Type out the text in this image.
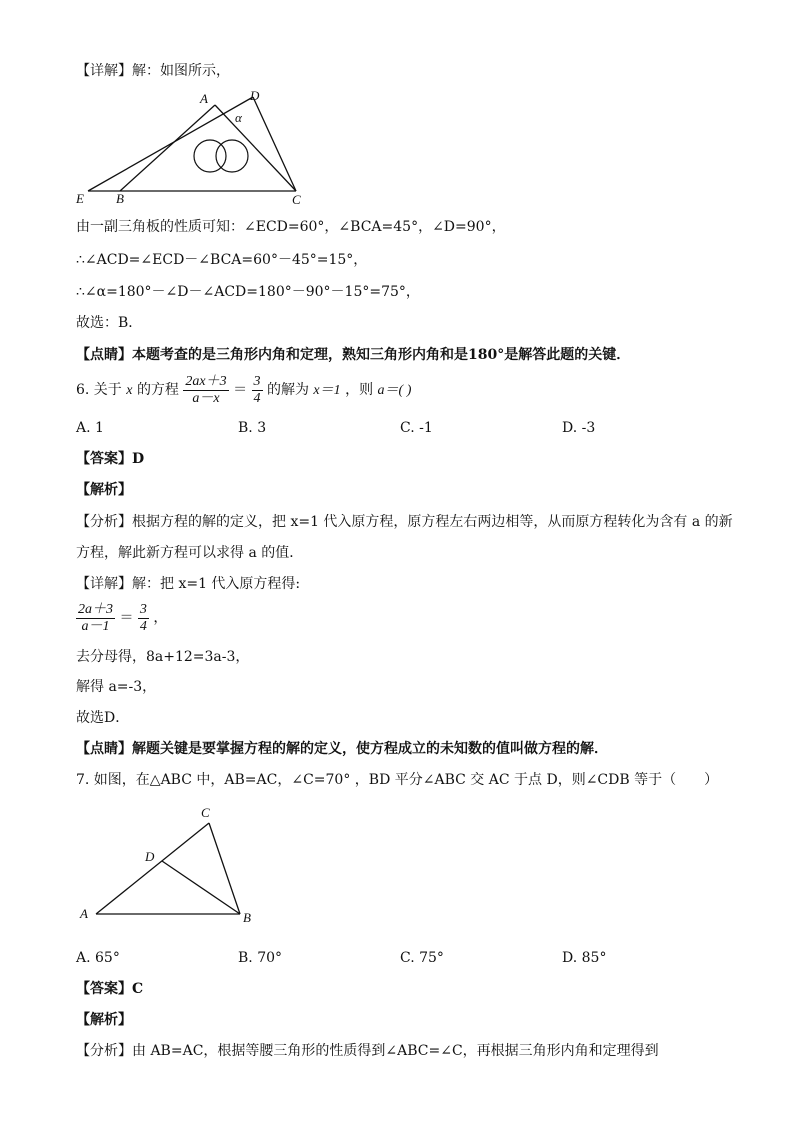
【详解】解：如图所示，
A	D
α
E B	C
由一副三角板的性质可知：∠ECD=60°，∠BCA=45°，∠D=90°，
∴∠ACD=∠ECD－∠BCA=60°－45°=15°，
∴∠α=180°－∠D－∠ACD=180°－90°－15°=75°，
故选：B．
【点睛】本题考查的是三角形内角和定理，熟知三角形内角和是180°是解答此题的关键．
6. 关于 x 的方程 $\frac{2ax+3}{a-x} = \frac{3}{4}$ 的解为 x＝1 ，则 a＝( )
A. 1	B. 3	C. -1	D. -3
【答案】D
【解析】
【分析】根据方程的解的定义，把 x=1 代入原方程，原方程左右两边相等，从而原方程转化为含有 a 的新
方程，解此新方程可以求得 a 的值．
【详解】解：把 x=1 代入原方程得:
$\frac{2a+3}{a-1} = \frac{3}{4}$ ，
去分母得，8a+12=3a-3，
解得 a=-3，
故选D．
【点睛】解题关键是要掌握方程的解的定义，使方程成立的未知数的值叫做方程的解．
7. 如图，在△ABC 中，AB=AC，∠C=70° ，BD 平分∠ABC 交 AC 于点 D，则∠CDB 等于（　　）
C
D
A	B
A. 65°	B. 70°	C. 75°	D. 85°
【答案】C
【解析】
【分析】由 AB=AC，根据等腰三角形的性质得到∠ABC=∠C，再根据三角形内角和定理得到
